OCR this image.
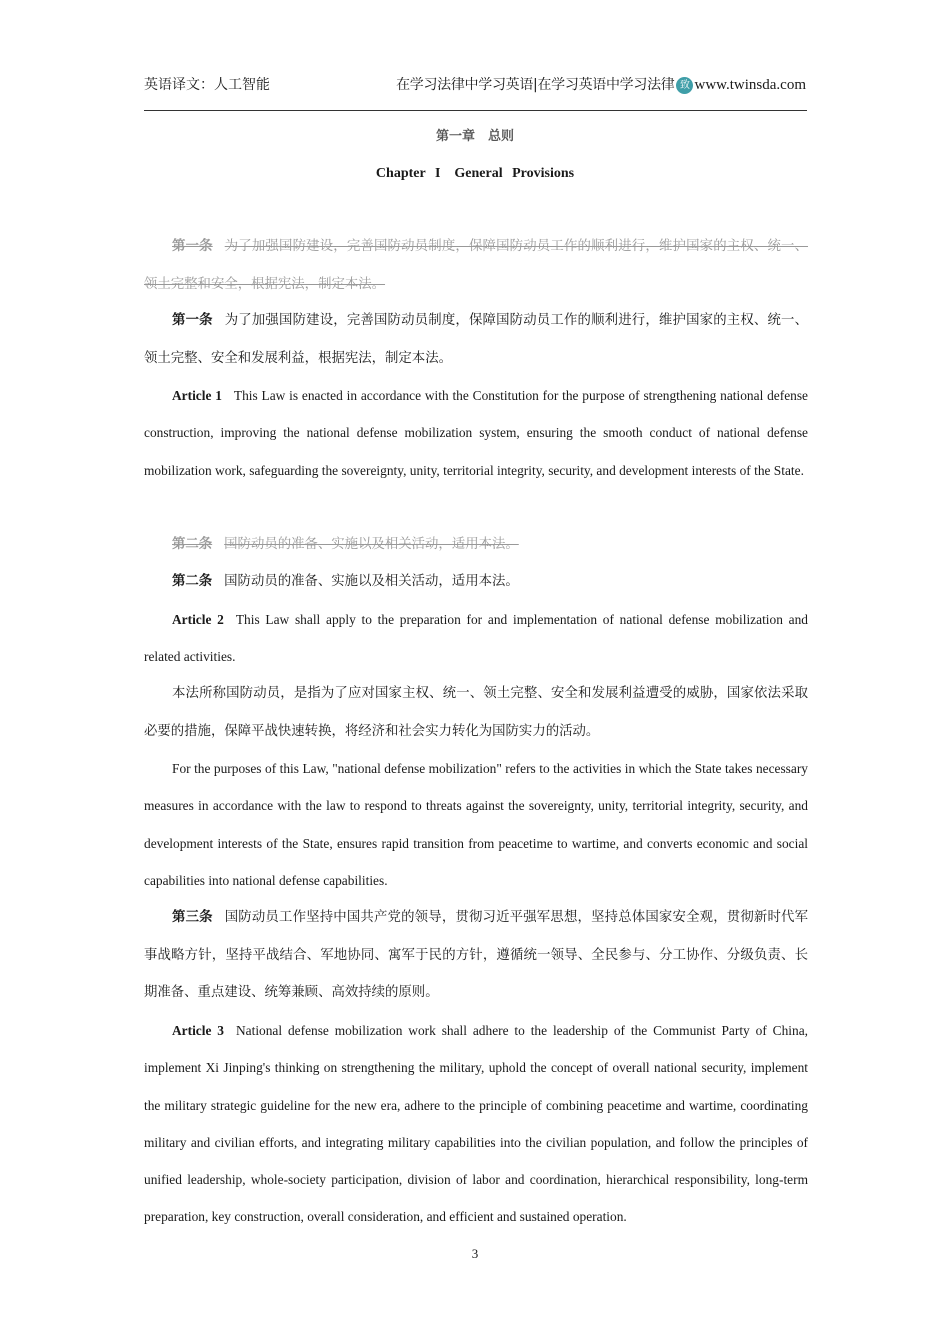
英语译文：人工智能	在学习法律中学习英语|在学习英语中学习法律 致 www.twinsda.com
第一章　总则
Chapter I　General Provisions

第一条 为了加强国防建设，完善国防动员制度，保障国防动员工作的顺利进行，维护国家的主权、统一、领土完整和安全，根据宪法，制定本法。

第一条 为了加强国防建设，完善国防动员制度，保障国防动员工作的顺利进行，维护国家的主权、统一、领土完整、安全和发展利益，根据宪法，制定本法。

Article 1 This Law is enacted in accordance with the Constitution for the purpose of strengthening national defense construction, improving the national defense mobilization system, ensuring the smooth conduct of national defense mobilization work, safeguarding the sovereignty, unity, territorial integrity, security, and development interests of the State.

第二条 国防动员的准备、实施以及相关活动，适用本法。

第二条 国防动员的准备、实施以及相关活动，适用本法。

Article 2 This Law shall apply to the preparation for and implementation of national defense mobilization and related activities.

本法所称国防动员，是指为了应对国家主权、统一、领土完整、安全和发展利益遭受的威胁，国家依法采取必要的措施，保障平战快速转换，将经济和社会实力转化为国防实力的活动。

For the purposes of this Law, "national defense mobilization" refers to the activities in which the State takes necessary measures in accordance with the law to respond to threats against the sovereignty, unity, territorial integrity, security, and development interests of the State, ensures rapid transition from peacetime to wartime, and converts economic and social capabilities into national defense capabilities.

第三条 国防动员工作坚持中国共产党的领导，贯彻习近平强军思想，坚持总体国家安全观，贯彻新时代军事战略方针，坚持平战结合、军地协同、寓军于民的方针，遵循统一领导、全民参与、分工协作、分级负责、长期准备、重点建设、统筹兼顾、高效持续的原则。

Article 3 National defense mobilization work shall adhere to the leadership of the Communist Party of China, implement Xi Jinping's thinking on strengthening the military, uphold the concept of overall national security, implement the military strategic guideline for the new era, adhere to the principle of combining peacetime and wartime, coordinating military and civilian efforts, and integrating military capabilities into the civilian population, and follow the principles of unified leadership, whole-society participation, division of labor and coordination, hierarchical responsibility, long-term preparation, key construction, overall consideration, and efficient and sustained operation.

3
